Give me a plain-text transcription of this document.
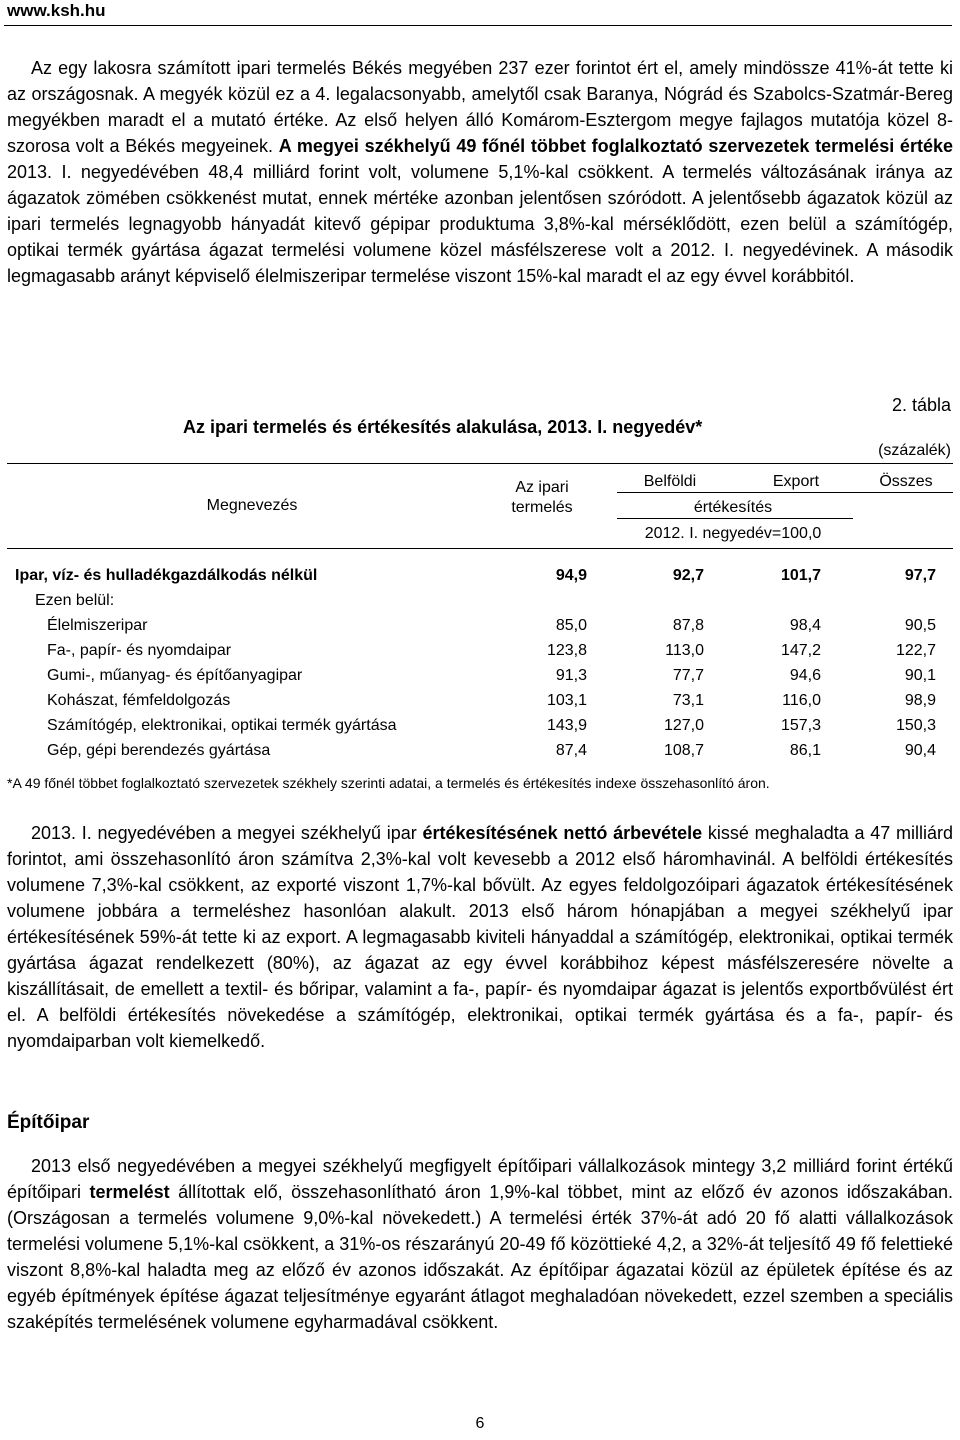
www.ksh.hu

Az egy lakosra számított ipari termelés Békés megyében 237 ezer forintot ért el, amely mindössze 41%-át tette ki az országosnak. A megyék közül ez a 4. legalacsonyabb, amelytől csak Baranya, Nógrád és Szabolcs-Szatmár-Bereg megyékben maradt el a mutató értéke. Az első helyen álló Komárom-Esztergom megye fajlagos mutatója közel 8-szorosa volt a Békés megyeinek. A megyei székhelyű 49 főnél többet foglalkoztató szervezetek termelési értéke 2013. I. negyedévében 48,4 milliárd forint volt, volumene 5,1%-kal csökkent. A termelés változásának iránya az ágazatok zömében csökkenést mutat, ennek mértéke azonban jelentősen szóródott. A jelentősebb ágazatok közül az ipari termelés legnagyobb hányadát kitevő gépipar produktuma 3,8%-kal mérséklődött, ezen belül a számítógép, optikai termék gyártása ágazat termelési volumene közel másfélszerese volt a 2012. I. negyedévinek. A második legmagasabb arányt képviselő élelmiszeripar termelése viszont 15%-kal maradt el az egy évvel korábbitól.

2. tábla
Az ipari termelés és értékesítés alakulása, 2013. I. negyedév*
(százalék)
Megnevezés
Az ipari termelés
Belföldi	Export	Összes
értékesítés
2012. I. negyedév=100,0
Ipar, víz- és hulladékgazdálkodás nélkül	94,9	92,7	101,7	97,7
Ezen belül:
Élelmiszeripar	85,0	87,8	98,4	90,5
Fa-, papír- és nyomdaipar	123,8	113,0	147,2	122,7
Gumi-, műanyag- és építőanyagipar	91,3	77,7	94,6	90,1
Kohászat, fémfeldolgozás	103,1	73,1	116,0	98,9
Számítógép, elektronikai, optikai termék gyártása	143,9	127,0	157,3	150,3
Gép, gépi berendezés gyártása	87,4	108,7	86,1	90,4
*A 49 főnél többet foglalkoztató szervezetek székhely szerinti adatai, a termelés és értékesítés indexe összehasonlító áron.

2013. I. negyedévében a megyei székhelyű ipar értékesítésének nettó árbevétele kissé meghaladta a 47 milliárd forintot, ami összehasonlító áron számítva 2,3%-kal volt kevesebb a 2012 első háromhavinál. A belföldi értékesítés volumene 7,3%-kal csökkent, az exporté viszont 1,7%-kal bővült. Az egyes feldolgozóipari ágazatok értékesítésének volumene jobbára a termeléshez hasonlóan alakult. 2013 első három hónapjában a megyei székhelyű ipar értékesítésének 59%-át tette ki az export. A legmagasabb kiviteli hányaddal a számítógép, elektronikai, optikai termék gyártása ágazat rendelkezett (80%), az ágazat az egy évvel korábbihoz képest másfélszeresére növelte a kiszállításait, de emellett a textil- és bőripar, valamint a fa-, papír- és nyomdaipar ágazat is jelentős exportbővülést ért el. A belföldi értékesítés növekedése a számítógép, elektronikai, optikai termék gyártása és a fa-, papír- és nyomdaiparban volt kiemelkedő.

Építőipar

2013 első negyedévében a megyei székhelyű megfigyelt építőipari vállalkozások mintegy 3,2 milliárd forint értékű építőipari termelést állítottak elő, összehasonlítható áron 1,9%-kal többet, mint az előző év azonos időszakában. (Országosan a termelés volumene 9,0%-kal növekedett.) A termelési érték 37%-át adó 20 fő alatti vállalkozások termelési volumene 5,1%-kal csökkent, a 31%-os részarányú 20-49 fő közöttieké 4,2, a 32%-át teljesítő 49 fő felettieké viszont 8,8%-kal haladta meg az előző év azonos időszakát. Az építőipar ágazatai közül az épületek építése és az egyéb építmények építése ágazat teljesítménye egyaránt átlagot meghaladóan növekedett, ezzel szemben a speciális szaképítés termelésének volumene egyharmadával csökkent.

6
